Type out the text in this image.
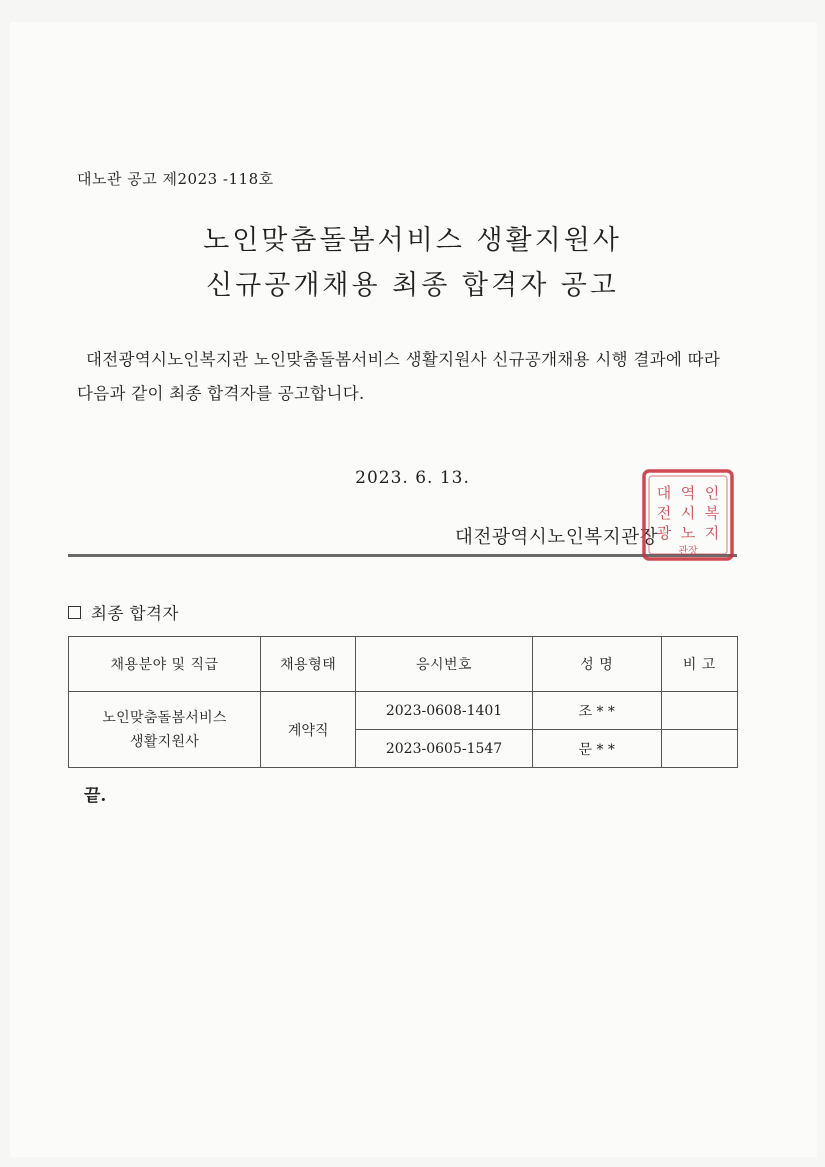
대노관 공고 제2023 -118호
노인맞춤돌봄서비스 생활지원사
신규공개채용 최종 합격자 공고
대전광역시노인복지관 노인맞춤돌봄서비스 생활지원사 신규공개채용 시행 결과에 따라 다음과 같이 최종 합격자를 공고합니다.
2023. 6. 13.
대전광역시노인복지관장
대
전
광
역
시
노
인
복
지
관장
최종 합격자
채용분야 및 직급	채용형태	응시번호	성 명	비 고

노인맞춤돌봄서비스
생활지원사	계약직	2023-0608-1401	조 * *	
		2023-0605-1547	문 * *	
끝.
